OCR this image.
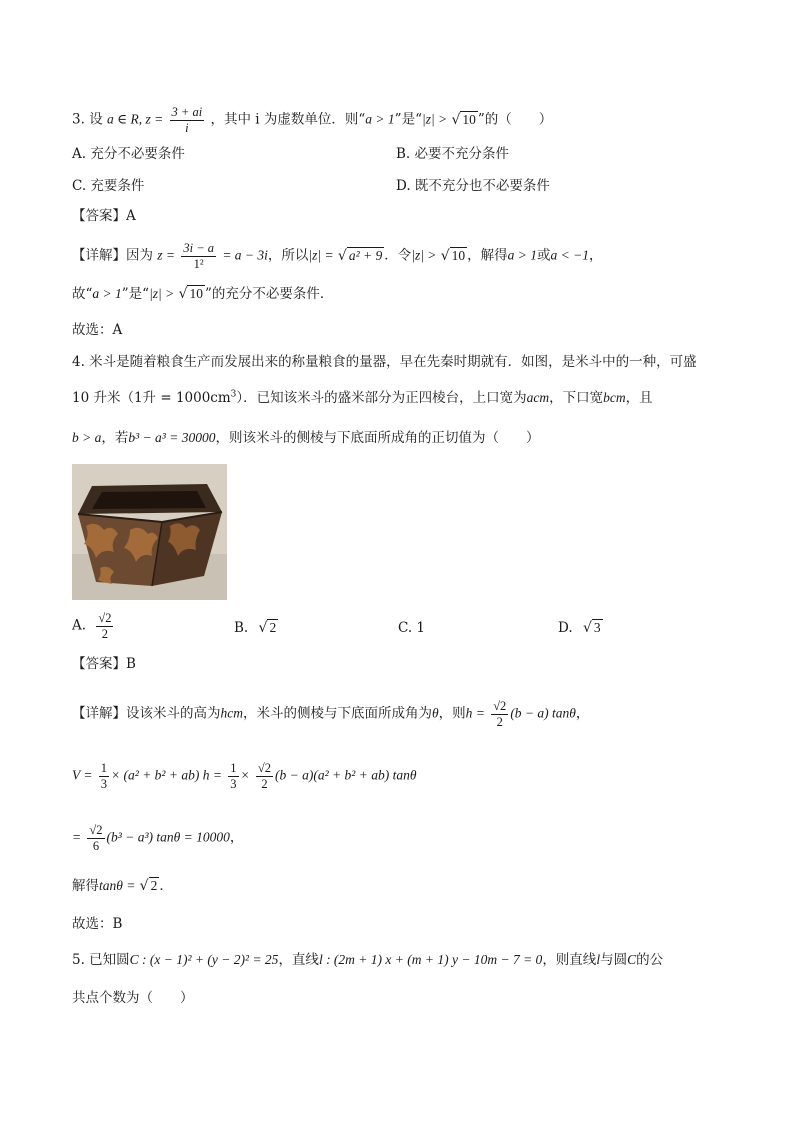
3. 设 a ∈ R, $z = \frac{3 + ai}{i}$ ，其中 i 为虚数单位．则“a > 1”是“|z| > √ 10 ”的（　　）
A. 充分不必要条件	B. 必要不充分条件
C. 充要条件	D. 既不充分也不必要条件
【答案】A
【详解】因为 $z = \frac{3i - a}{\text{1²}} = a - 3i$，所以|z| = √ a² + 9 ．令|z| > √ 10 ，解得a > 1或a < −1，
故“a > 1”是“|z| > √ 10 ”的充分不必要条件．
故选：A
4. 米斗是随着粮食生产而发展出来的称量粮食的量器，早在先秦时期就有．如图，是米斗中的一种，可盛
10 升米（1升 = $1000cm^3$）．已知该米斗的盛米部分为正四棱台，上口宽为acm，下口宽bcm，且
b > a，若b³ − a³ = 30000，则该米斗的侧棱与下底面所成角的正切值为（　　）
A. $\frac{√2}{2}$	B. √ 2	C. 1	D. √ 3
【答案】B
【详解】设该米斗的高为hcm，米斗的侧棱与下底面所成角为θ，则$h = \frac{√2}{2} (b - a)$ tanθ，
$V = \frac{1}{3} \times (a^2 + b^2 + ab) h = \frac{1}{3} \times \frac{√2}{2} (b - a)(a^2 + b^2 + ab)$ tanθ
= $\frac{√2}{6} (b^3 - a^3) \tan\theta = 10000$，
解得tanθ = √ 2 ．
故选：B
5. 已知圆C : (x − 1)² + (y − 2)² = 25，直线l : (2m + 1) x + (m + 1) y − 10m − 7 = 0，则直线l与圆C的公
共点个数为（　　）
